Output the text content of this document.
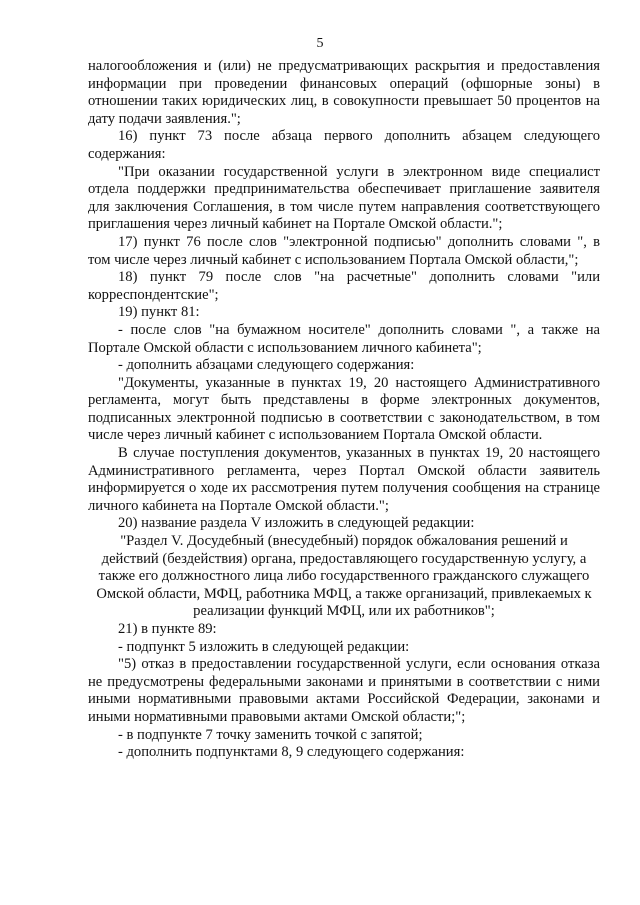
5

налогообложения и (или) не предусматривающих раскрытия и предоставления информации при проведении финансовых операций (офшорные зоны) в отношении таких юридических лиц, в совокупности превышает 50 процентов на дату подачи заявления.";

16) пункт 73 после абзаца первого дополнить абзацем следующего содержания:

"При оказании государственной услуги в электронном виде специалист отдела поддержки предпринимательства обеспечивает приглашение заявителя для заключения Соглашения, в том числе путем направления соответствующего приглашения через личный кабинет на Портале Омской области.";

17) пункт 76 после слов "электронной подписью" дополнить словами ", в том числе через личный кабинет с использованием Портала Омской области,";

18) пункт 79 после слов "на расчетные" дополнить словами "или корреспондентские";

19) пункт 81:

- после слов "на бумажном носителе" дополнить словами ", а также на Портале Омской области с использованием личного кабинета";

- дополнить абзацами следующего содержания:

"Документы, указанные в пунктах 19, 20 настоящего Административного регламента, могут быть представлены в форме электронных документов, подписанных электронной подписью в соответствии с законодательством, в том числе через личный кабинет с использованием Портала Омской области.

В случае поступления документов, указанных в пунктах 19, 20 настоящего Административного регламента, через Портал Омской области заявитель информируется о ходе их рассмотрения путем получения сообщения на странице личного кабинета на Портале Омской области.";

20) название раздела V изложить в следующей редакции:

"Раздел V. Досудебный (внесудебный) порядок обжалования решений и действий (бездействия) органа, предоставляющего государственную услугу, а также его должностного лица либо государственного гражданского служащего Омской области, МФЦ, работника МФЦ, а также организаций, привлекаемых к реализации функций МФЦ, или их работников";

21) в пункте 89:

- подпункт 5 изложить в следующей редакции:

"5) отказ в предоставлении государственной услуги, если основания отказа не предусмотрены федеральными законами и принятыми в соответствии с ними иными нормативными правовыми актами Российской Федерации, законами и иными нормативными правовыми актами Омской области;";

- в подпункте 7 точку заменить точкой с запятой;

- дополнить подпунктами 8, 9 следующего содержания:
